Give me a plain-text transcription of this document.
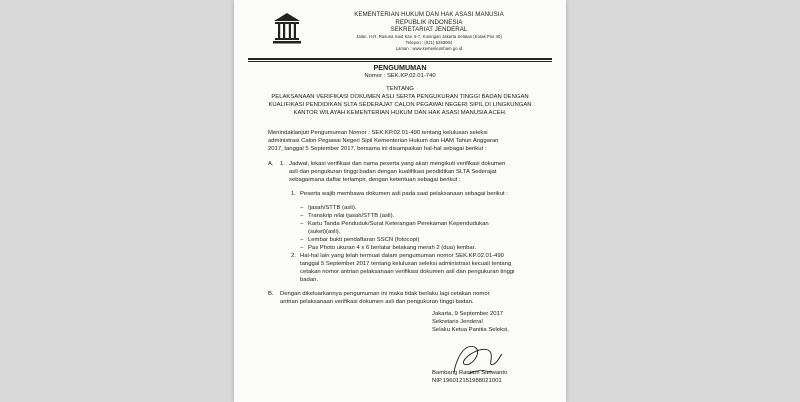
KEMENTERIAN HUKUM DAN HAK ASASI MANUSIA
REPUBLIK INDONESIA
SEKRETARIAT JENDERAL
Jalan. H.R. Rasuna Said Kav. 6-7, Kuningan Jakarta Selatan (Kotak Pos 40)
Telepon : (021) 5253004
Laman : www.kemenkumham.go.id
PENGUMUMAN
Nomor : SEK.KP.02.01-740
TENTANG
PELAKSANAAN VERIFIKASI DOKUMEN ASLI SERTA PENGUKURAN TINGGI BADAN DENGAN
KUALIFIKASI PENDIDIKAN SLTA SEDERAJAT CALON PEGAWAI NEGERI SIPIL DI LINGKUNGAN
KANTOR WILAYAH KEMENTERIAN HUKUM DAN HAK ASASI MANUSIA ACEH.
Menindaklanjuti Pengumuman Nomor : SEK.KP.02.01-490 tentang kelulusan seleksi
administrasi Calon Pegawai Negeri Sipil Kementerian Hukum dan HAM Tahun Anggaran
2017, tanggal 5 September 2017, bersama ini disampaikan hal-hal sebagai berikut :
A. 1. Jadwal, lokasi verifikasi dan nama peserta yang akan mengikuti verifikasi dokumen
asli dan pengukuran tinggi badan dengan kualifikasi pendidikan SLTA Sederajat
sebagaimana daftar terlampir, dengan ketentuan sebagai berikut :
1. Peserta wajib membawa dokumen asli pada saat pelaksanaan sebagai berikut :
– Ijasah/STTB (asli).
– Transkrip nilai ijasah/STTB (asli).
– Kartu Tanda Penduduk/Surat Keterangan Perekaman Kependudukan
(suket)(asli).
– Lembar bukti pendaftaran SSCN (fotocopi)
– Pas Photo ukuran 4 x 6 berlatar belakang merah 2 (dua) lembar.
2. Hal-hal lain yang telah termuat dalam pengumuman nomor SEK.KP.02.01-490
tanggal 5 September 2017 tentang kelulusan seleksi administrasi kecuali tentang
cetakan nomor antrian pelaksanaan verifikasi dokumen asli dan pengukuran tinggi
badan.
B. Dengan dikeluarkannya pengumuman ini maka tidak berlaku lagi cetakan nomor
antrian pelaksanaan verifikasi dokumen asli dan pengukuran tinggi badan.
Jakarta, 9 September 2017
Sekretaris Jenderal
Selaku Ketua Panitia Seleksi,
Bambang Rantam Sariwanto
NIP.196012151988021001
